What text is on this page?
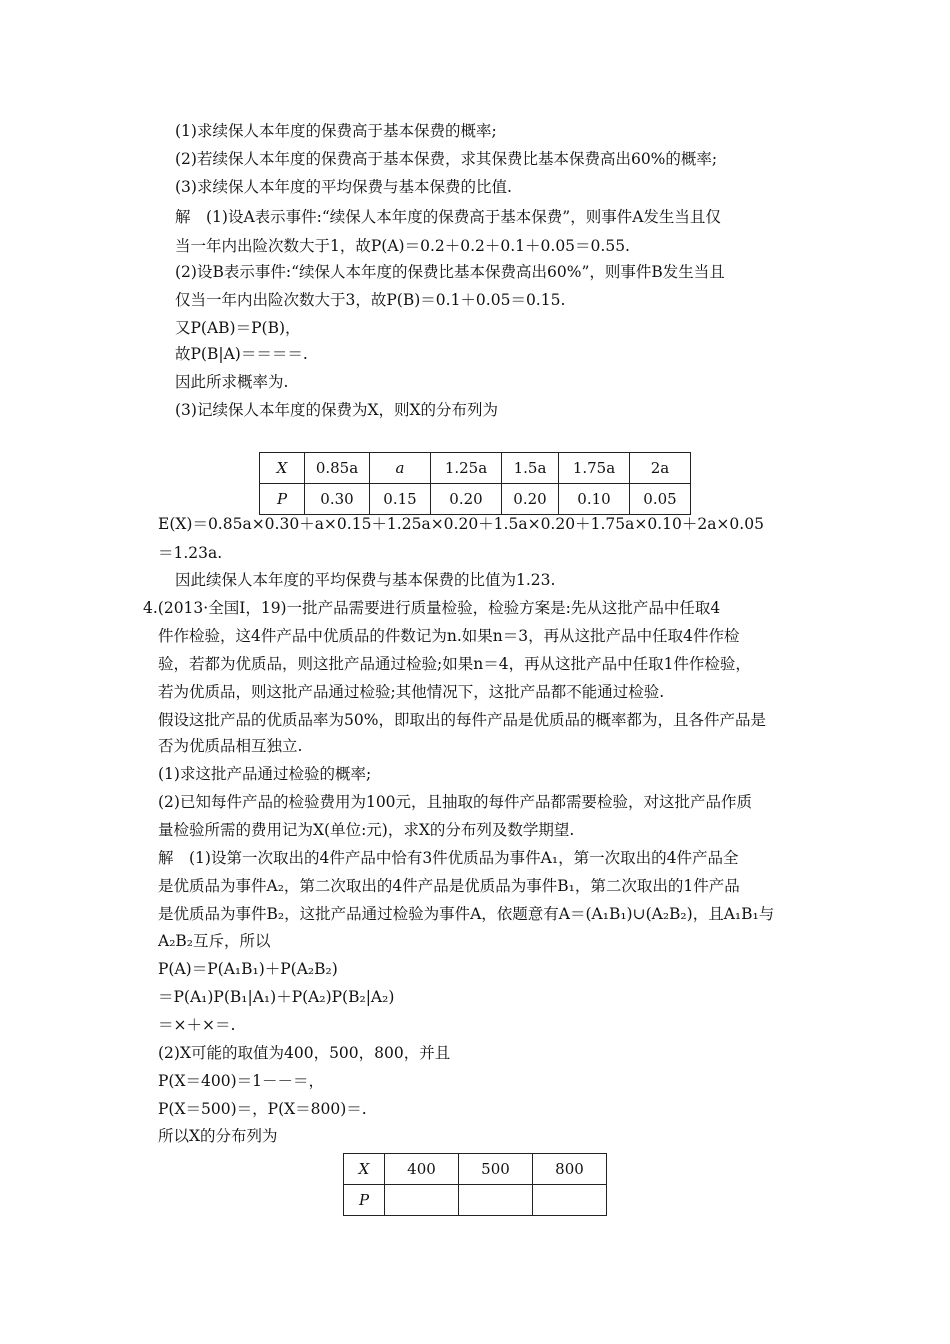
(1)求续保人本年度的保费高于基本保费的概率;
(2)若续保人本年度的保费高于基本保费，求其保费比基本保费高出60%的概率;
(3)求续保人本年度的平均保费与基本保费的比值.
解　(1)设A表示事件:“续保人本年度的保费高于基本保费”，则事件A发生当且仅
当一年内出险次数大于1，故P(A)＝0.2＋0.2＋0.1＋0.05＝0.55.
(2)设B表示事件:“续保人本年度的保费比基本保费高出60%”，则事件B发生当且
仅当一年内出险次数大于3，故P(B)＝0.1＋0.05＝0.15.
又P(AB)＝P(B)，
故P(B|A)＝＝＝＝.
因此所求概率为.
(3)记续保人本年度的保费为X，则X的分布列为
X	0.85a	a	1.25a	1.5a	1.75a	2a
P	0.30	0.15	0.20	0.20	0.10	0.05
E(X)＝0.85a×0.30＋a×0.15＋1.25a×0.20＋1.5a×0.20＋1.75a×0.10＋2a×0.05
＝1.23a.
因此续保人本年度的平均保费与基本保费的比值为1.23.
4.(2013·全国Ⅰ，19)一批产品需要进行质量检验，检验方案是:先从这批产品中任取4
件作检验，这4件产品中优质品的件数记为n.如果n＝3，再从这批产品中任取4件作检
验，若都为优质品，则这批产品通过检验;如果n＝4，再从这批产品中任取1件作检验，
若为优质品，则这批产品通过检验;其他情况下，这批产品都不能通过检验.
假设这批产品的优质品率为50%，即取出的每件产品是优质品的概率都为，且各件产品是
否为优质品相互独立.
(1)求这批产品通过检验的概率;
(2)已知每件产品的检验费用为100元，且抽取的每件产品都需要检验，对这批产品作质
量检验所需的费用记为X(单位:元)，求X的分布列及数学期望.
解　(1)设第一次取出的4件产品中恰有3件优质品为事件A₁，第一次取出的4件产品全
是优质品为事件A₂，第二次取出的4件产品是优质品为事件B₁，第二次取出的1件产品
是优质品为事件B₂，这批产品通过检验为事件A，依题意有A＝(A₁B₁)∪(A₂B₂)，且A₁B₁与
A₂B₂互斥，所以
P(A)＝P(A₁B₁)＋P(A₂B₂)
＝P(A₁)P(B₁|A₁)＋P(A₂)P(B₂|A₂)
＝×＋×＝.
(2)X可能的取值为400，500，800，并且
P(X＝400)＝1－－＝，
P(X＝500)＝，P(X＝800)＝.
所以X的分布列为
X	400	500	800
P			
